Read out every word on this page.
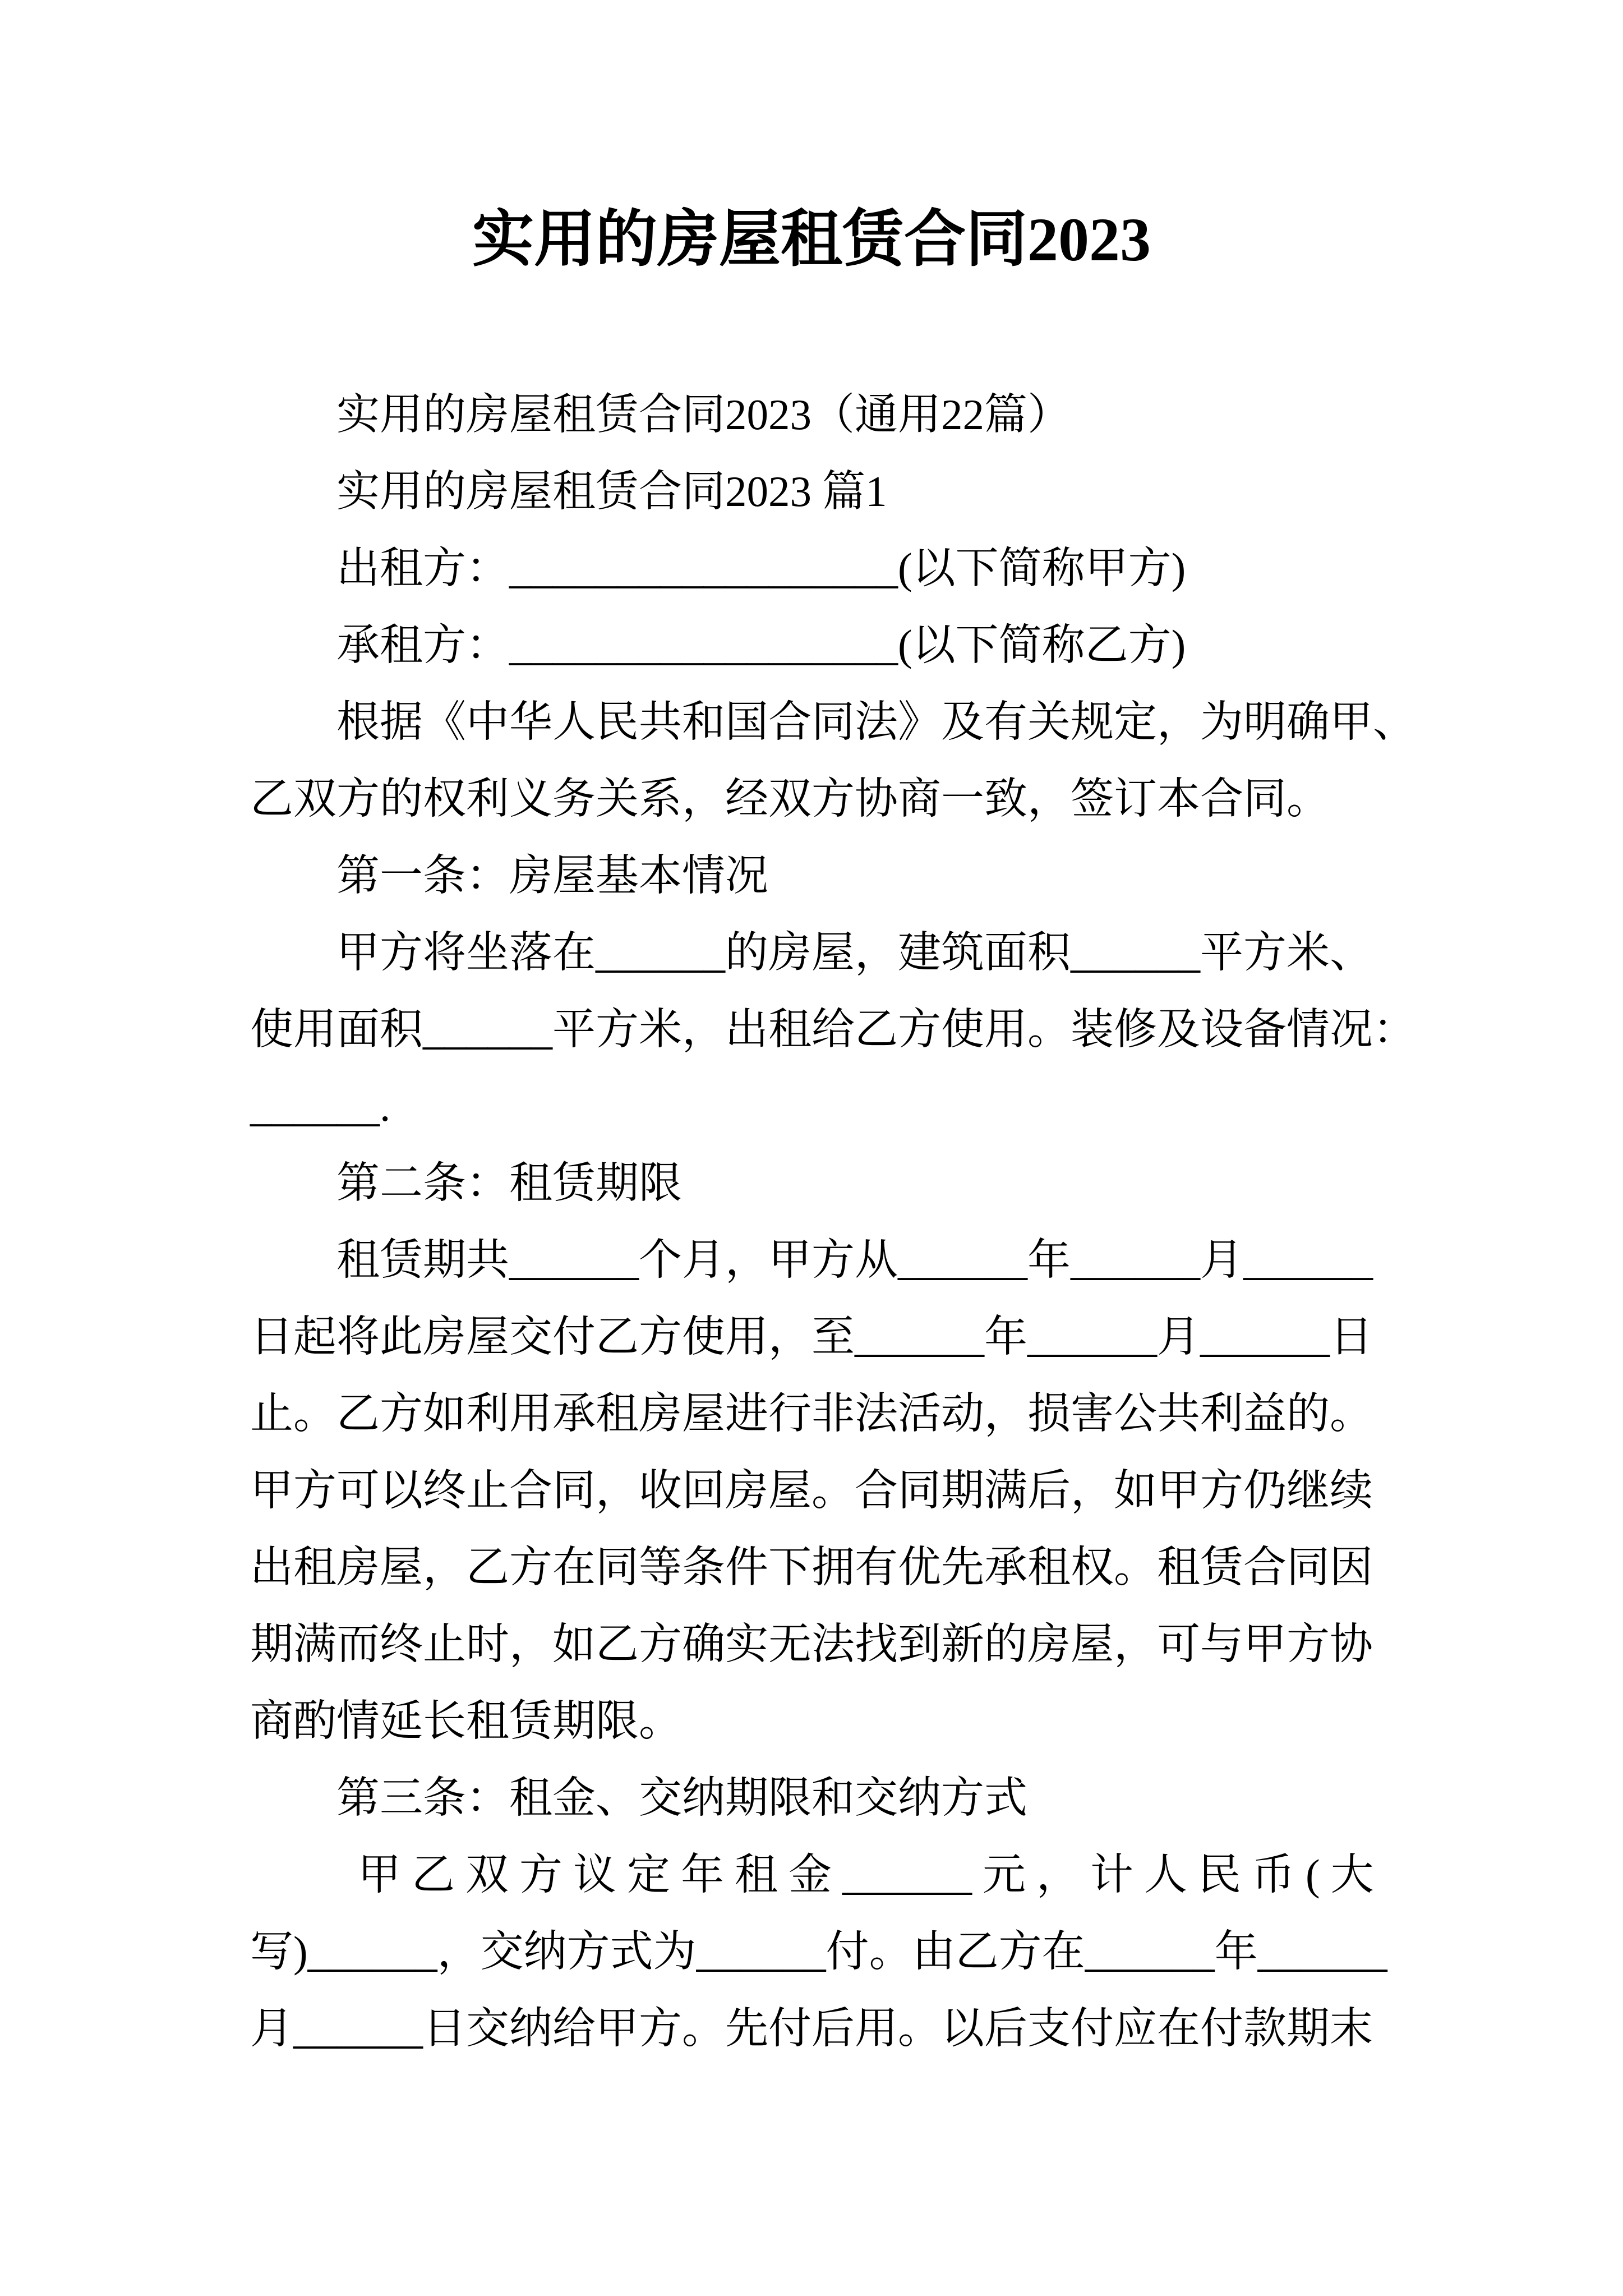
实用的房屋租赁合同2023
实用的房屋租赁合同2023（通用22篇）
实用的房屋租赁合同2023 篇1
出租方：__________________(以下简称甲方)
承租方：__________________(以下简称乙方)
根据《中华人民共和国合同法》及有关规定，为明确甲、
乙双方的权利义务关系，经双方协商一致，签订本合同。
第一条：房屋基本情况
甲方将坐落在______的房屋，建筑面积______平方米、
使用面积______平方米，出租给乙方使用。装修及设备情况：
______.
第二条：租赁期限
租赁期共______个月，甲方从______年______月______
日起将此房屋交付乙方使用，至______年______月______日
止。乙方如利用承租房屋进行非法活动，损害公共利益的。
甲方可以终止合同，收回房屋。合同期满后，如甲方仍继续
出租房屋，乙方在同等条件下拥有优先承租权。租赁合同因
期满而终止时，如乙方确实无法找到新的房屋，可与甲方协
商酌情延长租赁期限。
第三条：租金、交纳期限和交纳方式
甲乙双方议定年租金______ 元，计人民币(大
写)______，交纳方式为______付。由乙方在______年______
月______日交纳给甲方。先付后用。以后支付应在付款期末
